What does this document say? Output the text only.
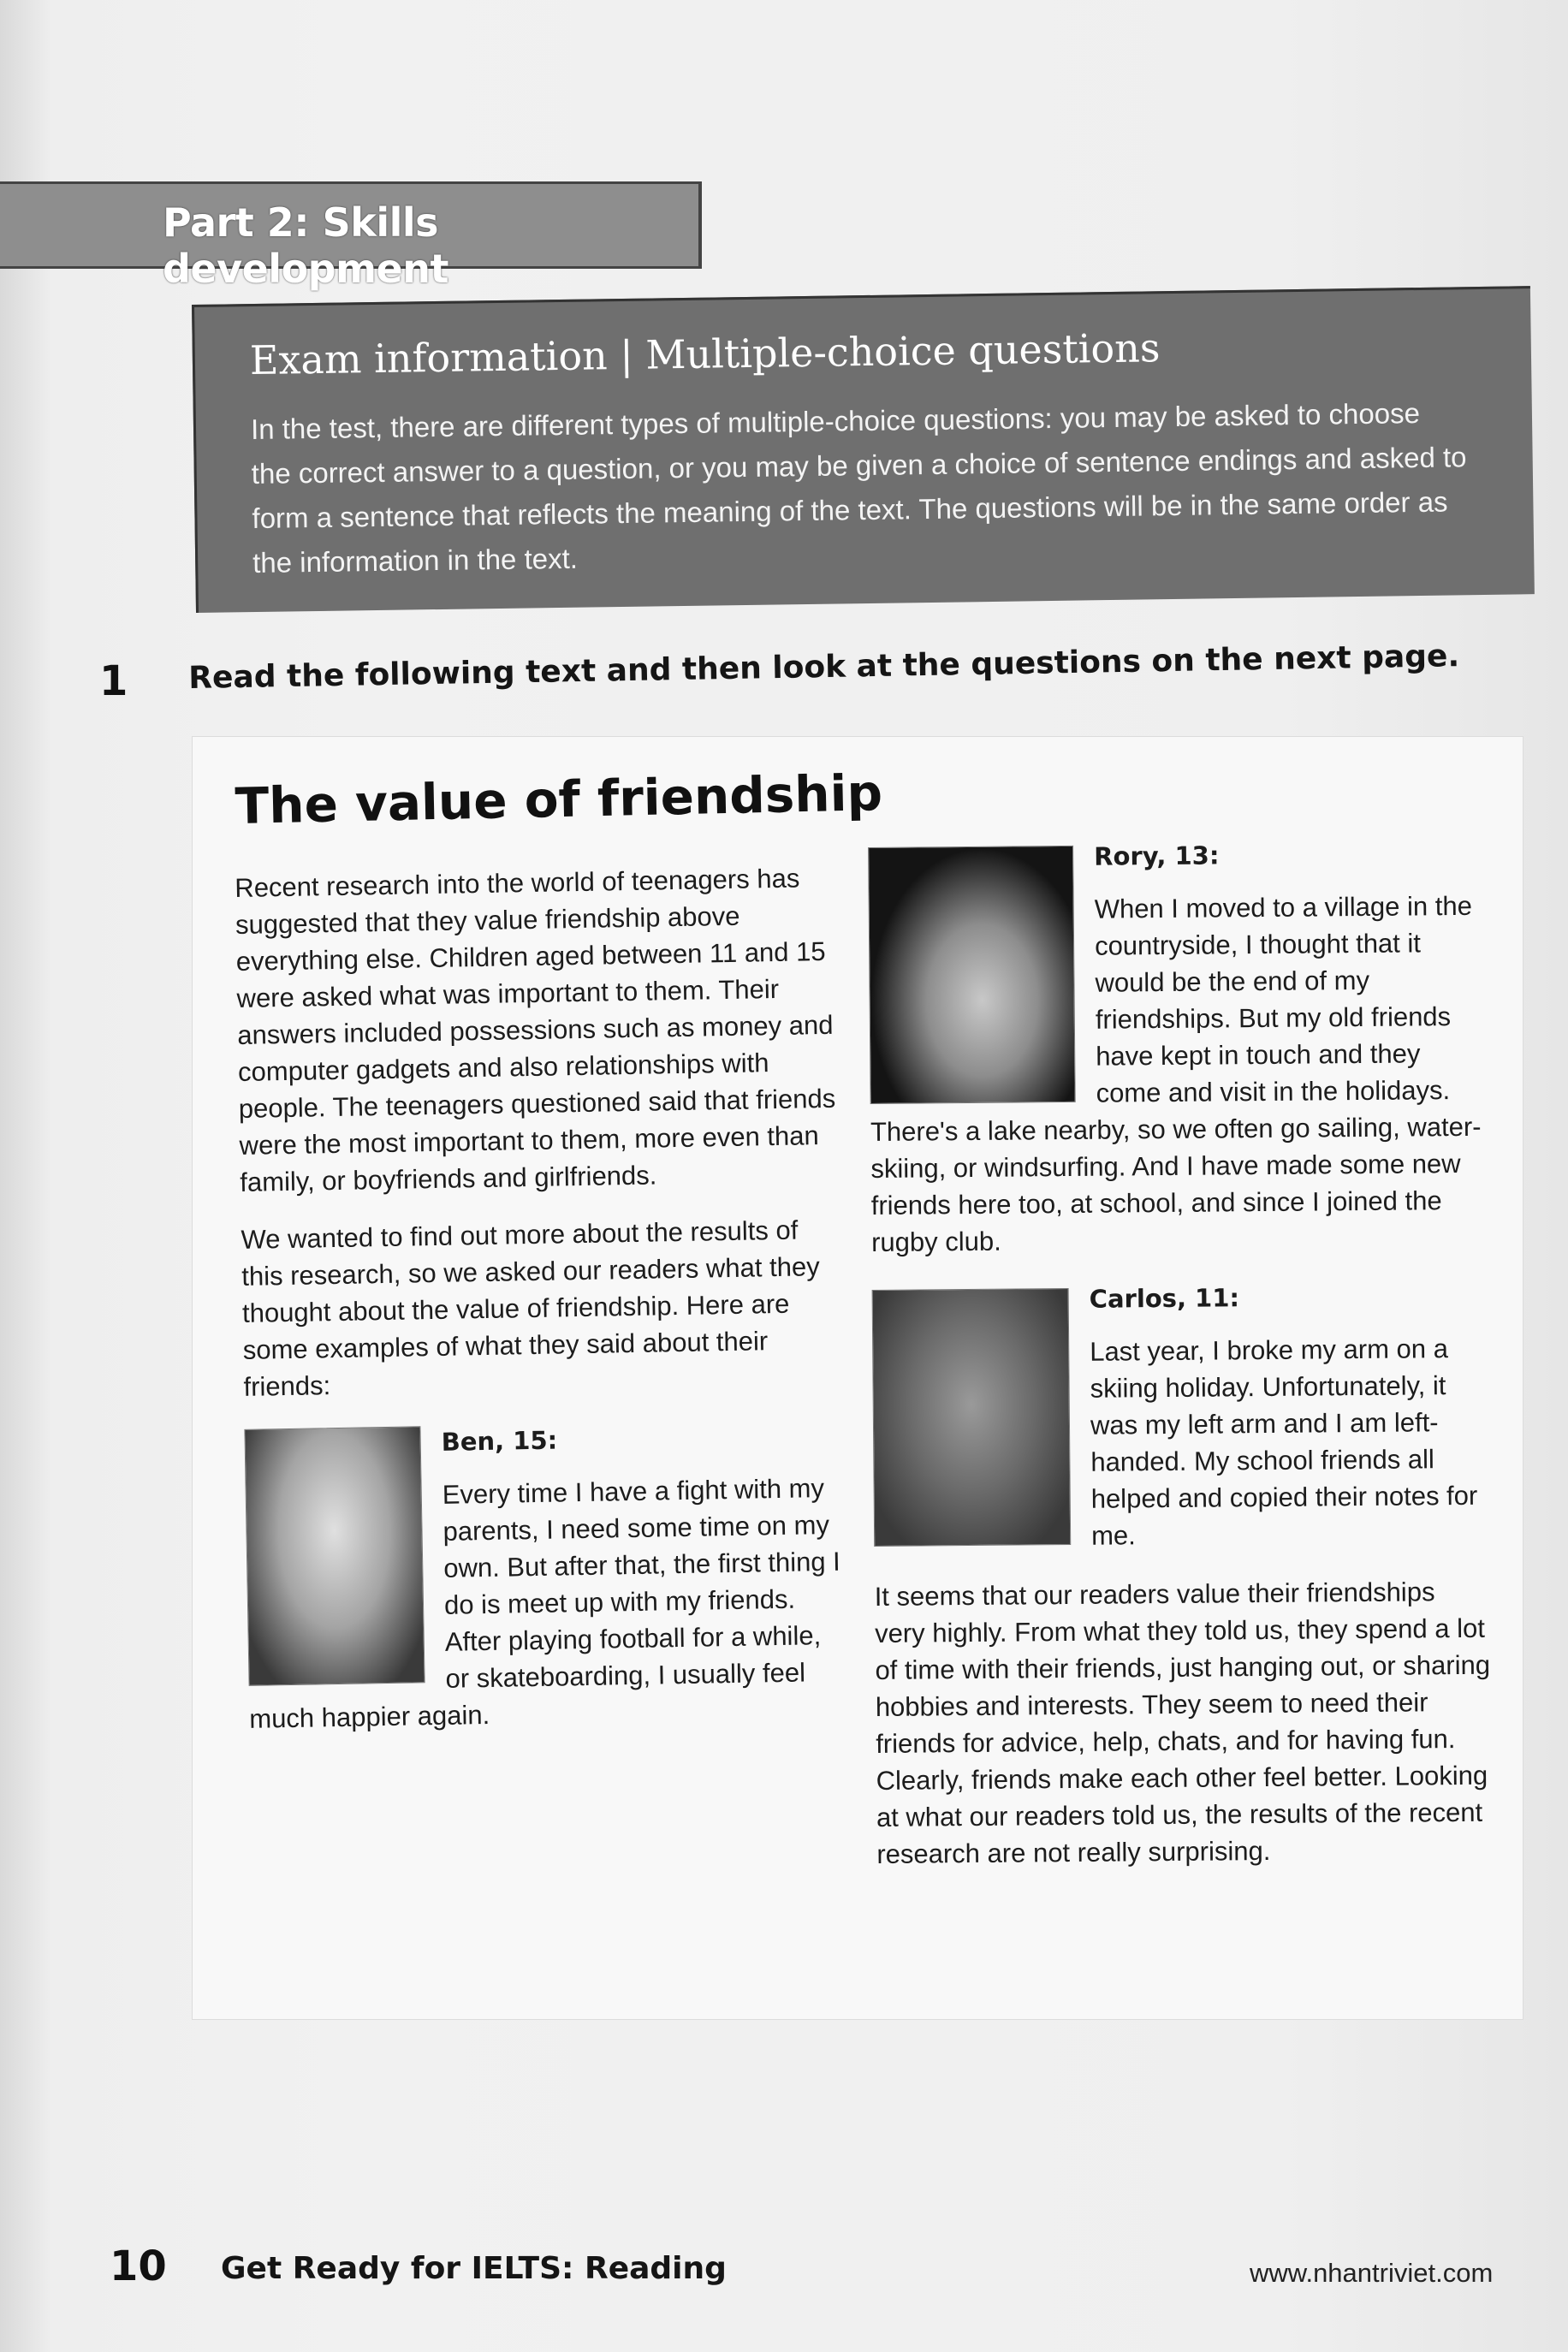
Part 2: Skills development
Exam information | Multiple-choice questions
In the test, there are different types of multiple-choice questions: you may be asked to choose the correct answer to a question, or you may be given a choice of sentence endings and asked to form a sentence that reflects the meaning of the text. The questions will be in the same order as the information in the text.
1 Read the following text and then look at the questions on the next page.
The value of friendship

Recent research into the world of teenagers has suggested that they value friendship above everything else. Children aged between 11 and 15 were asked what was important to them. Their answers included possessions such as money and computer gadgets and also relationships with people. The teenagers questioned said that friends were the most important to them, more even than family, or boyfriends and girlfriends.

We wanted to find out more about the results of this research, so we asked our readers what they thought about the value of friendship. Here are some examples of what they said about their friends:

Ben, 15:
Every time I have a fight with my parents, I need some time on my own. But after that, the first thing I do is meet up with my friends. After playing football for a while, or skateboarding, I usually feel much happier again.
Rory, 13:
When I moved to a village in the countryside, I thought that it would be the end of my friendships. But my old friends have kept in touch and they come and visit in the holidays. There's a lake nearby, so we often go sailing, water-skiing, or windsurfing. And I have made some new friends here too, at school, and since I joined the rugby club.
Carlos, 11:
Last year, I broke my arm on a skiing holiday. Unfortunately, it was my left arm and I am left-handed. My school friends all helped and copied their notes for me.

It seems that our readers value their friendships very highly. From what they told us, they spend a lot of time with their friends, just hanging out, or sharing hobbies and interests. They seem to need their friends for advice, help, chats, and for having fun. Clearly, friends make each other feel better. Looking at what our readers told us, the results of the recent research are not really surprising.

10 Get Ready for IELTS: Reading	www.nhantriviet.com
